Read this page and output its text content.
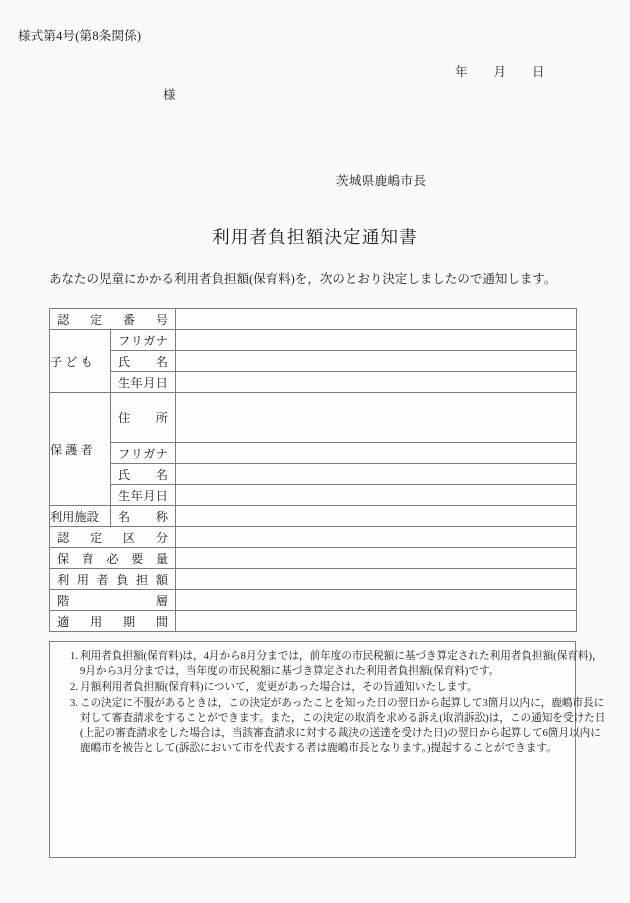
様式第4号(第8条関係)
年 月 日
様
茨城県鹿嶋市長
利用者負担額決定通知書
あなたの児童にかかる利用者負担額(保育料)を，次のとおり決定しましたので通知します。
認 定 番 号		

子 ど も	フ リ ガ ナ	

	氏 名	

	生 年 月 日	

保 護 者	住 所	

	フ リ ガ ナ	

	氏 名	

	生 年 月 日	

利用施設	名 称	

認 定 区 分		

保 育 必 要 量		

利 用 者 負 担 額

階 層		

適 用 期 間		

1. 利用者負担額(保育料)は，4月から8月分までは，前年度の市民税額に基づき算定された利用者負担額(保育料)，
9月から3月分までは，当年度の市民税額に基づき算定された利用者負担額(保育料)です。
2. 月額利用者負担額(保育料)について，変更があった場合は，その旨通知いたします。
3. この決定に不服があるときは，この決定があったことを知った日の翌日から起算して3箇月以内に，鹿嶋市長に
対して審査請求をすることができます。また，この決定の取消を求める訴え(取消訴訟)は，この通知を受けた日
(上記の審査請求をした場合は，当該審査請求に対する裁決の送達を受けた日)の翌日から起算して6箇月以内に
鹿嶋市を被告として(訴訟において市を代表する者は鹿嶋市長となります。)提起することができます。
